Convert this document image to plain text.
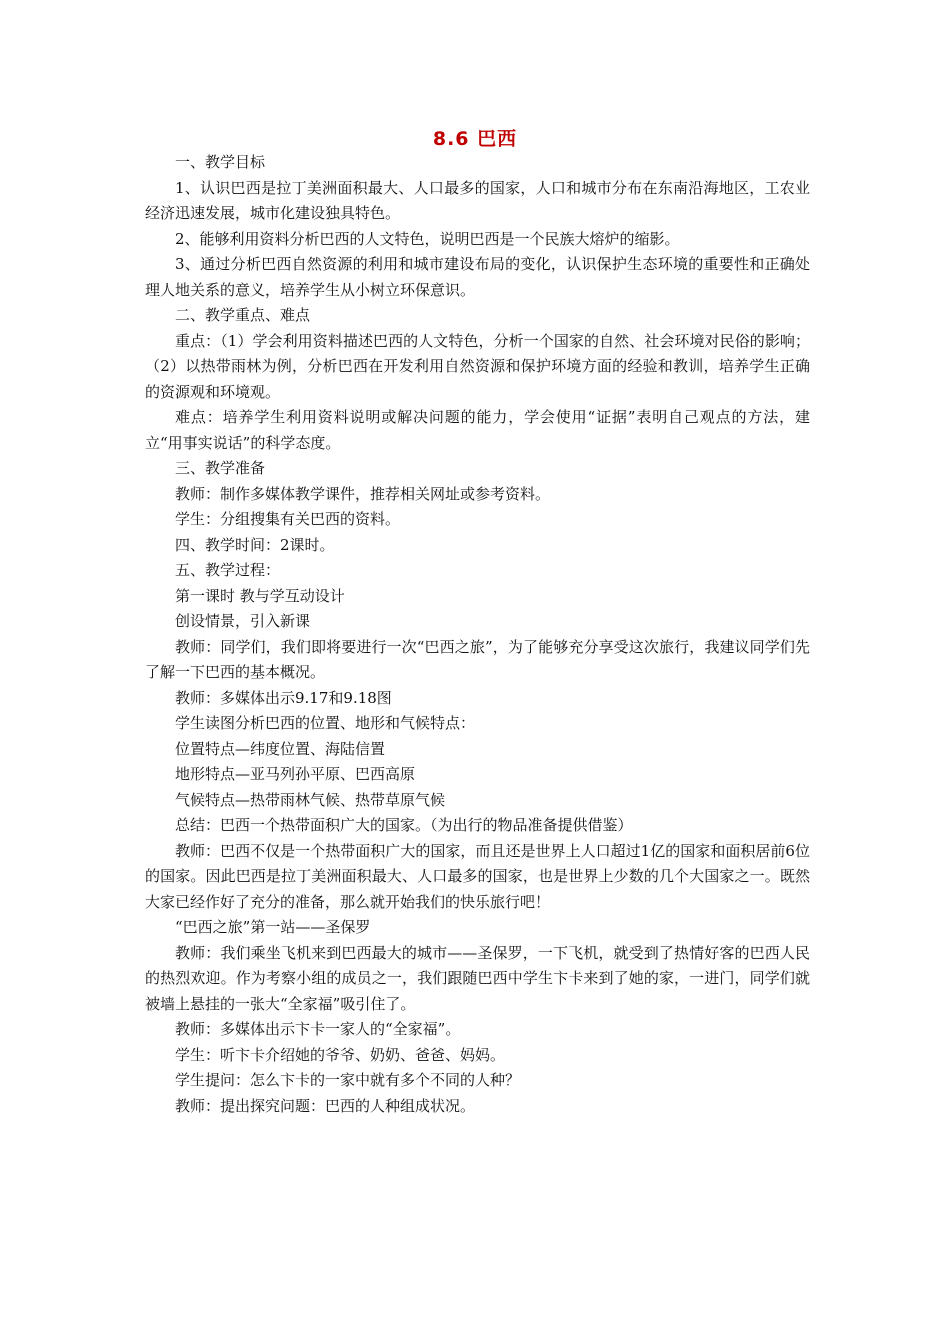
8.6 巴西

一、教学目标

1、认识巴西是拉丁美洲面积最大、人口最多的国家，人口和城市分布在东南沿海地区，工农业经济迅速发展，城市化建设独具特色。

2、能够利用资料分析巴西的人文特色，说明巴西是一个民族大熔炉的缩影。

3、通过分析巴西自然资源的利用和城市建设布局的变化，认识保护生态环境的重要性和正确处理人地关系的意义，培养学生从小树立环保意识。

二、教学重点、难点

重点：（1）学会利用资料描述巴西的人文特色，分析一个国家的自然、社会环境对民俗的影响；（2）以热带雨林为例，分析巴西在开发利用自然资源和保护环境方面的经验和教训，培养学生正确的资源观和环境观。

难点：培养学生利用资料说明或解决问题的能力，学会使用“证据”表明自己观点的方法，建立“用事实说话”的科学态度。

三、教学准备

教师：制作多媒体教学课件，推荐相关网址或参考资料。

学生：分组搜集有关巴西的资料。

四、教学时间：2课时。

五、教学过程：

第一课时 教与学互动设计

创设情景，引入新课

教师：同学们，我们即将要进行一次“巴西之旅”，为了能够充分享受这次旅行，我建议同学们先了解一下巴西的基本概况。

教师：多媒体出示9.17和9.18图

学生读图分析巴西的位置、地形和气候特点：

位置特点—纬度位置、海陆信置

地形特点—亚马列孙平原、巴西高原

气候特点—热带雨林气候、热带草原气候

总结：巴西一个热带面积广大的国家。（为出行的物品准备提供借鉴）

教师：巴西不仅是一个热带面积广大的国家，而且还是世界上人口超过1亿的国家和面积居前6位的国家。因此巴西是拉丁美洲面积最大、人口最多的国家，也是世界上少数的几个大国家之一。既然大家已经作好了充分的准备，那么就开始我们的快乐旅行吧！

“巴西之旅”第一站——圣保罗

教师：我们乘坐飞机来到巴西最大的城市——圣保罗，一下飞机，就受到了热情好客的巴西人民的热烈欢迎。作为考察小组的成员之一，我们跟随巴西中学生卞卡来到了她的家，一进门，同学们就被墙上悬挂的一张大“全家福”吸引住了。

教师：多媒体出示卞卡一家人的“全家福”。

学生：听卞卡介绍她的爷爷、奶奶、爸爸、妈妈。

学生提问：怎么卞卡的一家中就有多个不同的人种？

教师：提出探究问题：巴西的人种组成状况。
